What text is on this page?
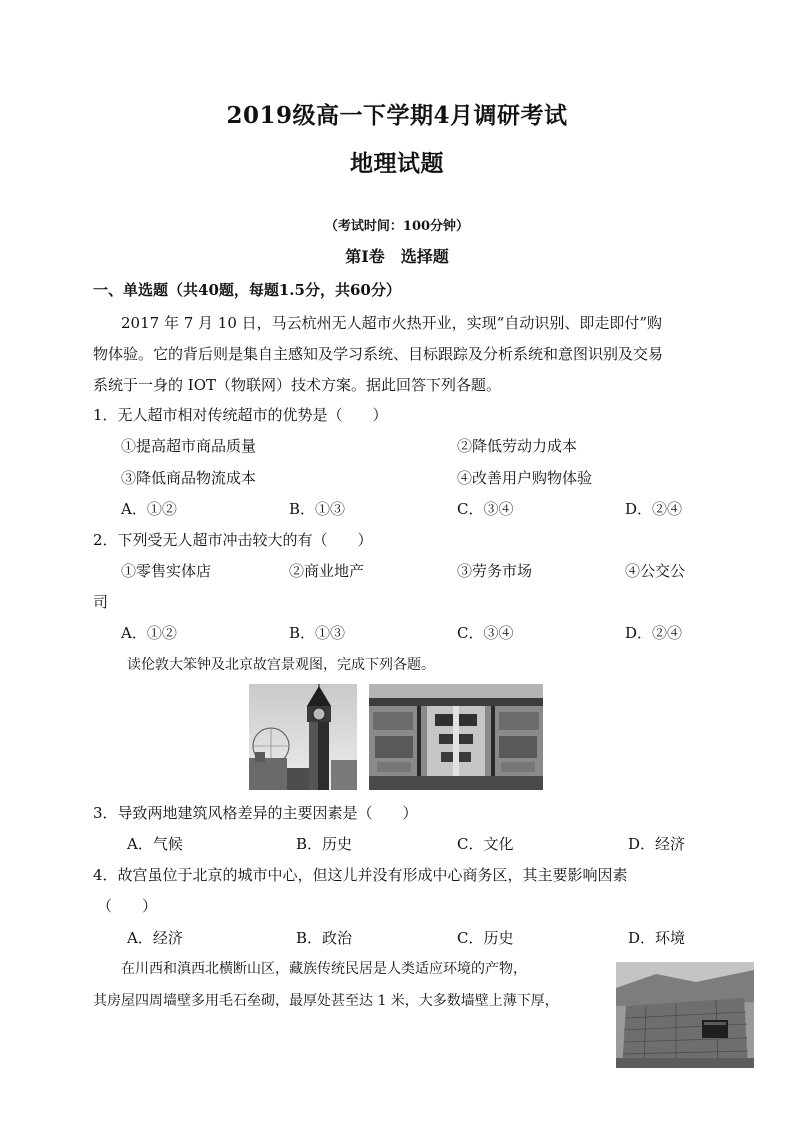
2019级高一下学期4月调研考试
地理试题
（考试时间：100分钟）
第Ⅰ卷　选择题
一、单选题（共40题，每题1.5分，共60分）
2017 年 7 月 10 日，马云杭州无人超市火热开业，实现“自动识别、即走即付”购
物体验。它的背后则是集自主感知及学习系统、目标跟踪及分析系统和意图识别及交易
系统于一身的 IOT（物联网）技术方案。据此回答下列各题。
1．无人超市相对传统超市的优势是（　　）
①提高超市商品质量	②降低劳动力成本
③降低商品物流成本	④改善用户购物体验
A．①②	B．①③	C．③④	D．②④
2．下列受无人超市冲击较大的有（　　）
①零售实体店	②商业地产	③劳务市场	④公交公
司
A．①②	B．①③	C．③④	D．②④
读伦敦大笨钟及北京故宫景观图，完成下列各题。
3．导致两地建筑风格差异的主要因素是（　　）
A．气候	B．历史	C．文化	D．经济
4．故宫虽位于北京的城市中心，但这儿并没有形成中心商务区，其主要影响因素
（　　）
A．经济	B．政治	C．历史	D．环境
在川西和滇西北横断山区，藏族传统民居是人类适应环境的产物，
其房屋四周墙壁多用毛石垒砌，最厚处甚至达 1 米，大多数墙壁上薄下厚，
